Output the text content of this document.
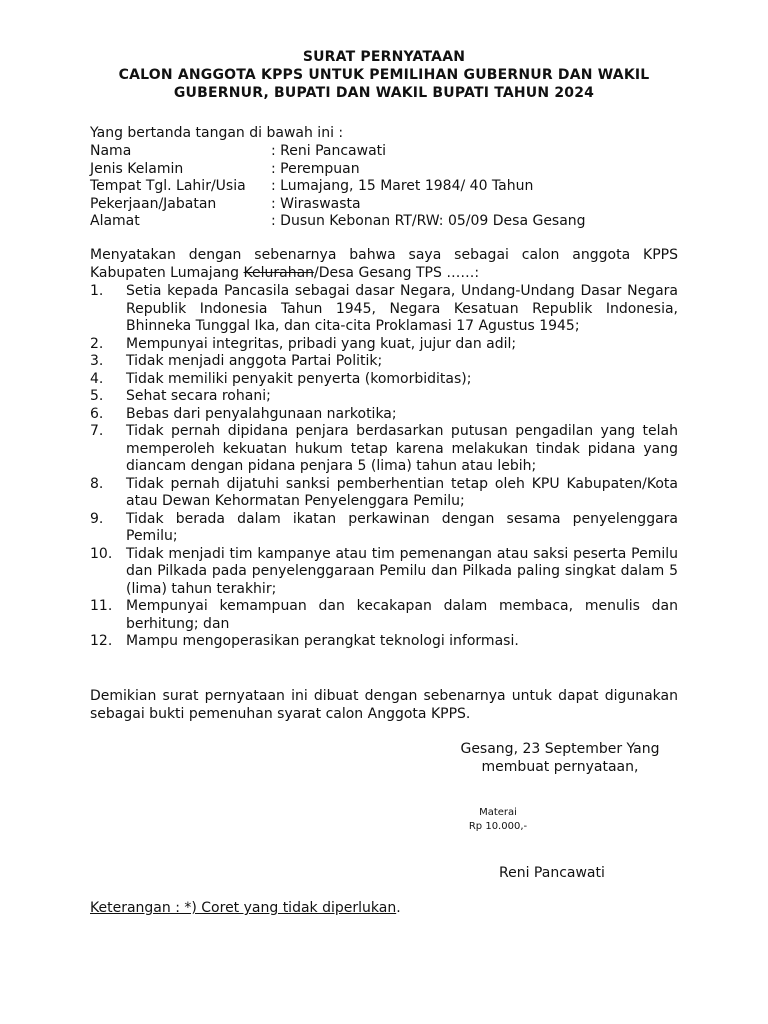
SURAT PERNYATAAN
CALON ANGGOTA KPPS UNTUK PEMILIHAN GUBERNUR DAN WAKIL
GUBERNUR, BUPATI DAN WAKIL BUPATI TAHUN 2024
Yang bertanda tangan di bawah ini :
Nama	: Reni Pancawati
Jenis Kelamin	: Perempuan
Tempat Tgl. Lahir/Usia : Lumajang, 15 Maret 1984/ 40 Tahun
Pekerjaan/Jabatan	: Wiraswasta
Alamat	: Dusun Kebonan RT/RW: 05/09 Desa Gesang
Menyatakan dengan sebenarnya bahwa saya sebagai calon anggota KPPS Kabupaten Lumajang Kelurahan/Desa Gesang TPS ……:
1.	Setia kepada Pancasila sebagai dasar Negara, Undang-Undang Dasar Negara Republik Indonesia Tahun 1945, Negara Kesatuan Republik Indonesia, Bhinneka Tunggal Ika, dan cita-cita Proklamasi 17 Agustus 1945;
2.	Mempunyai integritas, pribadi yang kuat, jujur dan adil;
3.	Tidak menjadi anggota Partai Politik;
4.	Tidak memiliki penyakit penyerta (komorbiditas);
5.	Sehat secara rohani;
6.	Bebas dari penyalahgunaan narkotika;
7.	Tidak pernah dipidana penjara berdasarkan putusan pengadilan yang telah memperoleh kekuatan hukum tetap karena melakukan tindak pidana yang diancam dengan pidana penjara 5 (lima) tahun atau lebih;
8.	Tidak pernah dijatuhi sanksi pemberhentian tetap oleh KPU Kabupaten/Kota atau Dewan Kehormatan Penyelenggara Pemilu;
9.	Tidak berada dalam ikatan perkawinan dengan sesama penyelenggara Pemilu;
10. Tidak menjadi tim kampanye atau tim pemenangan atau saksi peserta Pemilu dan Pilkada pada penyelenggaraan Pemilu dan Pilkada paling singkat dalam 5 (lima) tahun terakhir;
11. Mempunyai kemampuan dan kecakapan dalam membaca, menulis dan berhitung; dan
12. Mampu mengoperasikan perangkat teknologi informasi.
Demikian surat pernyataan ini dibuat dengan sebenarnya untuk dapat digunakan sebagai bukti pemenuhan syarat calon Anggota KPPS.
Gesang, 23 September Yang
membuat pernyataan,
Materai
Rp 10.000,-
Reni Pancawati
Keterangan : *) Coret yang tidak diperlukan.
